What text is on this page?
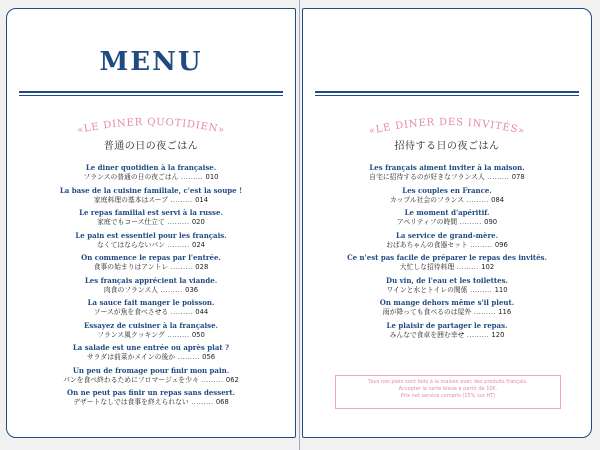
MENU
«LE DINER QUOTIDIEN»
普通の日の夜ごはん
Le diner quotidien à la française.
フランスの普通の日の夜ごはん ......... 010
La base de la cuisine familiale, c'est la soupe !
家庭料理の基本はスープ ......... 014
Le repas familial est servi à la russe.
家庭でもコース仕立て ......... 020
Le pain est essentiel pour les français.
なくてはならないパン ......... 024
On commence le repas par l'entrée.
食事の始まりはアントレ ......... 028
Les français apprécient la viande.
肉食のフランス人 ......... 036
La sauce fait manger le poisson.
ソースが魚を食べさせる ......... 044
Essayez de cuisiner à la française.
フランス風クッキング ......... 050
La salade est une entrée ou après plat ?
サラダは前菜かメインの後か ......... 056
Un peu de fromage pour finir mon pain.
パンを食べ終わるためにフロマージュを少々 ......... 062
On ne peut pas finir un repas sans dessert.
デザートなしでは食事を終えられない ......... 068
«LE DINER DES INVITÉS»
招待する日の夜ごはん
Les français aiment inviter à la maison.
自宅に招待するのが好きなフランス人 ......... 078
Les couples en France.
カップル社会のフランス ......... 084
Le moment d'apéritif.
アペリティフの時間 ......... 090
La service de grand-mère.
おばあちゃんの食器セット ......... 096
Ce n'est pas facile de préparer le repas des invités.
大忙しな招待料理 ......... 102
Du vin, de l'eau et les toilettes.
ワインと水とトイレの関係 ......... 110
On mange dehors même s'il pleut.
雨が降っても食べるのは屋外 ......... 116
Le plaisir de partager le repas.
みんなで食卓を囲む幸せ ......... 120
Tous nos plats sont faits à la maison avec des produits français.
Accepter la carte bleue à partir de 10€.
Prix net service compris (15% sur HT)
